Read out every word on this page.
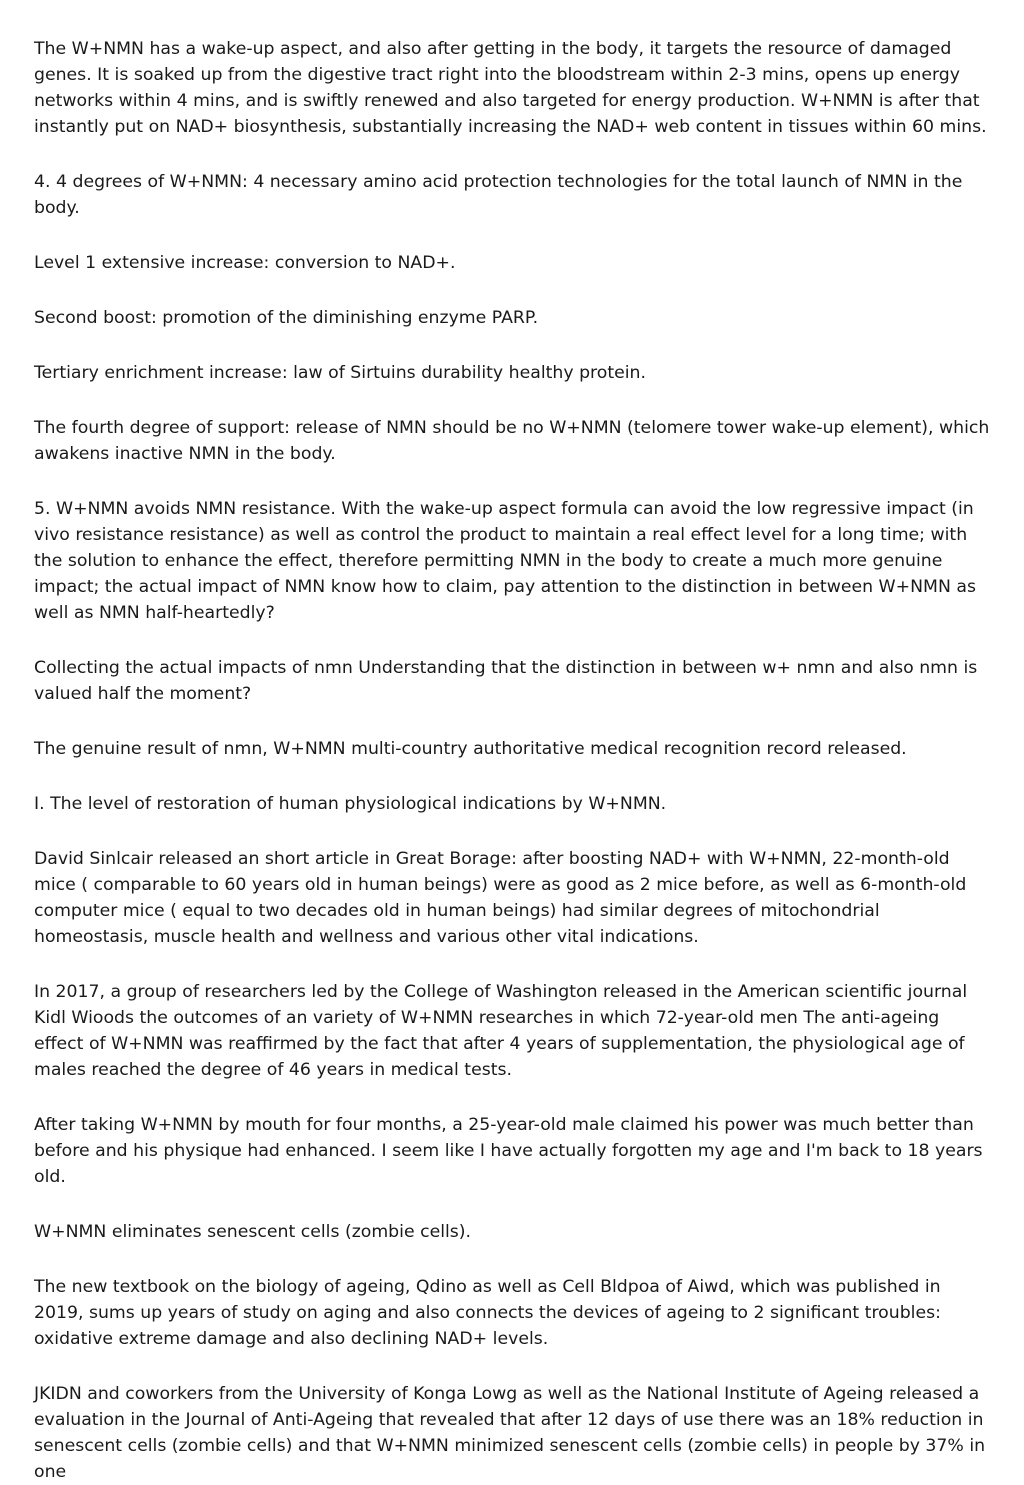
The W+NMN has a wake-up aspect, and also after getting in the body, it targets the resource of damaged genes. It is soaked up from the digestive tract right into the bloodstream within 2-3 mins, opens up energy networks within 4 mins, and is swiftly renewed and also targeted for energy production. W+NMN is after that instantly put on NAD+ biosynthesis, substantially increasing the NAD+ web content in tissues within 60 mins.

4. 4 degrees of W+NMN: 4 necessary amino acid protection technologies for the total launch of NMN in the body.

Level 1 extensive increase: conversion to NAD+.

Second boost: promotion of the diminishing enzyme PARP.

Tertiary enrichment increase: law of Sirtuins durability healthy protein.

The fourth degree of support: release of NMN should be no W+NMN (telomere tower wake-up element), which awakens inactive NMN in the body.

5. W+NMN avoids NMN resistance. With the wake-up aspect formula can avoid the low regressive impact (in vivo resistance resistance) as well as control the product to maintain a real effect level for a long time; with the solution to enhance the effect, therefore permitting NMN in the body to create a much more genuine impact; the actual impact of NMN know how to claim, pay attention to the distinction in between W+NMN as well as NMN half-heartedly?

Collecting the actual impacts of nmn Understanding that the distinction in between w+ nmn and also nmn is valued half the moment?

The genuine result of nmn, W+NMN multi-country authoritative medical recognition record released.

I. The level of restoration of human physiological indications by W+NMN.

David Sinlcair released an short article in Great Borage: after boosting NAD+ with W+NMN, 22-month-old mice ( comparable to 60 years old in human beings) were as good as 2 mice before, as well as 6-month-old computer mice ( equal to two decades old in human beings) had similar degrees of mitochondrial homeostasis, muscle health and wellness and various other vital indications.

In 2017, a group of researchers led by the College of Washington released in the American scientific journal Kidl Wioods the outcomes of an variety of W+NMN researches in which 72-year-old men The anti-ageing effect of W+NMN was reaffirmed by the fact that after 4 years of supplementation, the physiological age of males reached the degree of 46 years in medical tests.

After taking W+NMN by mouth for four months, a 25-year-old male claimed his power was much better than before and his physique had enhanced. I seem like I have actually forgotten my age and I'm back to 18 years old.

W+NMN eliminates senescent cells (zombie cells).

The new textbook on the biology of ageing, Qdino as well as Cell Bldpoa of Aiwd, which was published in 2019, sums up years of study on aging and also connects the devices of ageing to 2 significant troubles: oxidative extreme damage and also declining NAD+ levels.

JKIDN and coworkers from the University of Konga Lowg as well as the National Institute of Ageing released a evaluation in the Journal of Anti-Ageing that revealed that after 12 days of use there was an 18% reduction in senescent cells (zombie cells) and that W+NMN minimized senescent cells (zombie cells) in people by 37% in one
